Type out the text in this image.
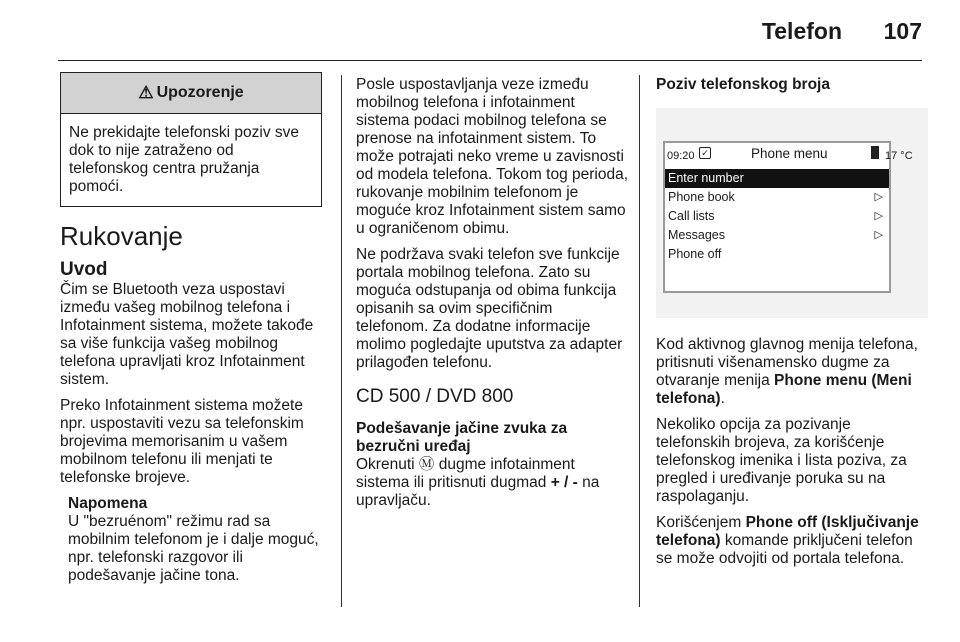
Telefon 107
⚠ Upozorenje
Ne prekidajte telefonski poziv sve dok to nije zatraženo od telefonskog centra pružanja pomoći.
Rukovanje
Uvod

Čim se Bluetooth veza uspostavi između vašeg mobilnog telefona i Infotainment sistema, možete takođe sa više funkcija vašeg mobilnog telefona upravljati kroz Infotainment sistem.

Preko Infotainment sistema možete npr. uspostaviti vezu sa telefonskim brojevima memorisanim u vašem mobilnom telefonu ili menjati te telefonske brojeve.

Napomena
U "bezruénom" režimu rad sa mobilnim telefonom je i dalje moguć, npr. telefonski razgovor ili podešavanje jačine tona.

Posle uspostavljanja veze između mobilnog telefona i infotainment sistema podaci mobilnog telefona se prenose na infotainment sistem. To može potrajati neko vreme u zavisnosti od modela telefona. Tokom tog perioda, rukovanje mobilnim telefonom je moguće kroz Infotainment sistem samo u ograničenom obimu.

Ne podržava svaki telefon sve funkcije portala mobilnog telefona. Zato su moguća odstupanja od obima funkcija opisanih sa ovim specifičnim telefonom. Za dodatne informacije molimo pogledajte uputstva za adapter prilagođen telefonu.

CD 500 / DVD 800
Podešavanje jačine zvuka za bezručni uređaj

Okrenuti Ⓜ dugme infotainment sistema ili pritisnuti dugmad + / - na upravljaču.

Poziv telefonskog broja
09:20 ✓	Phone menu	17 °C
Enter number
Phone book	▷
Call lists	▷
Messages	▷
Phone off

Kod aktivnog glavnog menija telefona, pritisnuti višenamensko dugme za otvaranje menija Phone menu (Meni telefona).

Nekoliko opcija za pozivanje telefonskih brojeva, za korišćenje telefonskog imenika i lista poziva, za pregled i uređivanje poruka su na raspolaganju.

Korišćenjem Phone off (Isključivanje telefona) komande priključeni telefon se može odvojiti od portala telefona.
